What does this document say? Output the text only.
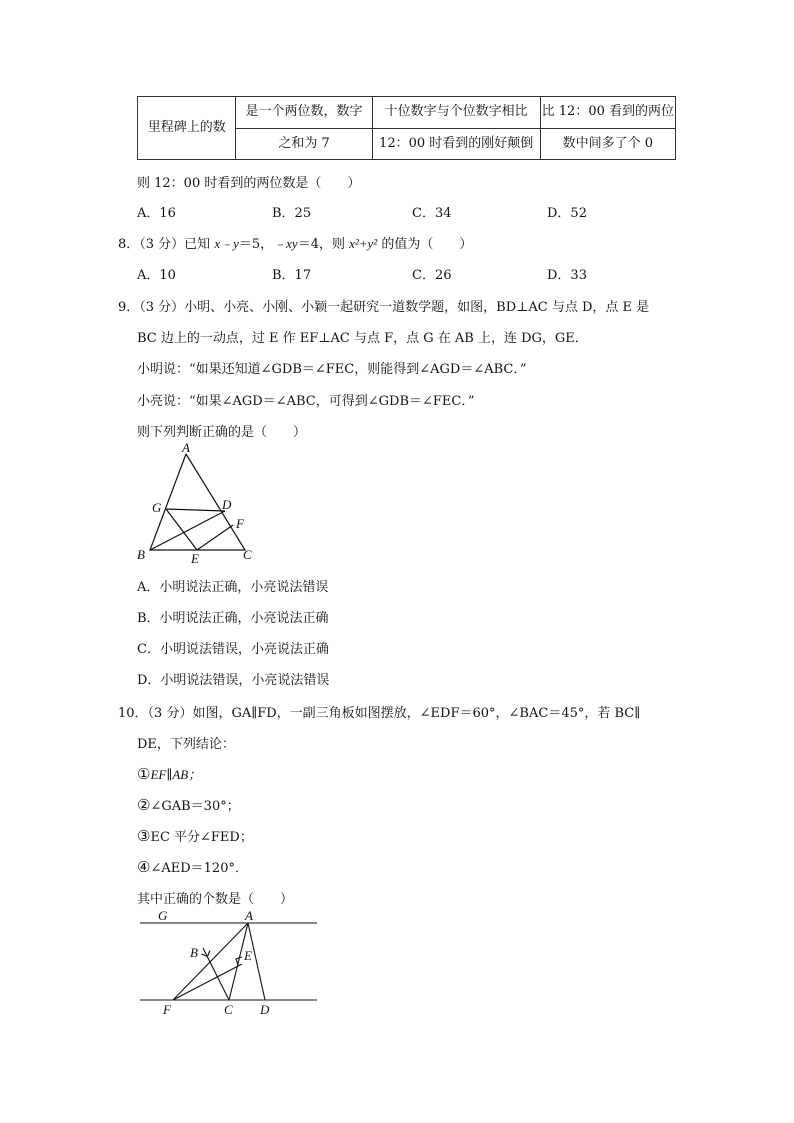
里程碑上的数	是一个两位数，数字	十位数字与个位数字相比	比 12：00 看到的两位
	之和为 7	12：00 时看到的刚好颠倒	数中间多了个 0
则 12：00 时看到的两位数是（　　）
A．16	B．25	C．34	D．52
8．（3 分）已知 x﹣y＝5，﹣xy＝4，则 x²+y² 的值为（　　）
A．10	B．17	C．26	D．33
9．（3 分）小明、小亮、小刚、小颖一起研究一道数学题，如图，BD⊥AC 与点 D，点 E 是
BC 边上的一动点，过 E 作 EF⊥AC 与点 F，点 G 在 AB 上，连 DG，GE．
小明说：“如果还知道∠GDB＝∠FEC，则能得到∠AGD＝∠ABC．”
小亮说：“如果∠AGD＝∠ABC，可得到∠GDB＝∠FEC．”
则下列判断正确的是（　　）
A
G	D
F
B	E	C
A．小明说法正确，小亮说法错误
B．小明说法正确，小亮说法正确
C．小明说法错误，小亮说法正确
D．小明说法错误，小亮说法错误
10．（3 分）如图，GA∥FD，一副三角板如图摆放，∠EDF＝60°，∠BAC＝45°，若 BC∥
DE，下列结论：
①EF∥AB；
②∠GAB＝30°；
③EC 平分∠FED；
④∠AED＝120°．
其中正确的个数是（　　）
G	A
B	E
F	C D
